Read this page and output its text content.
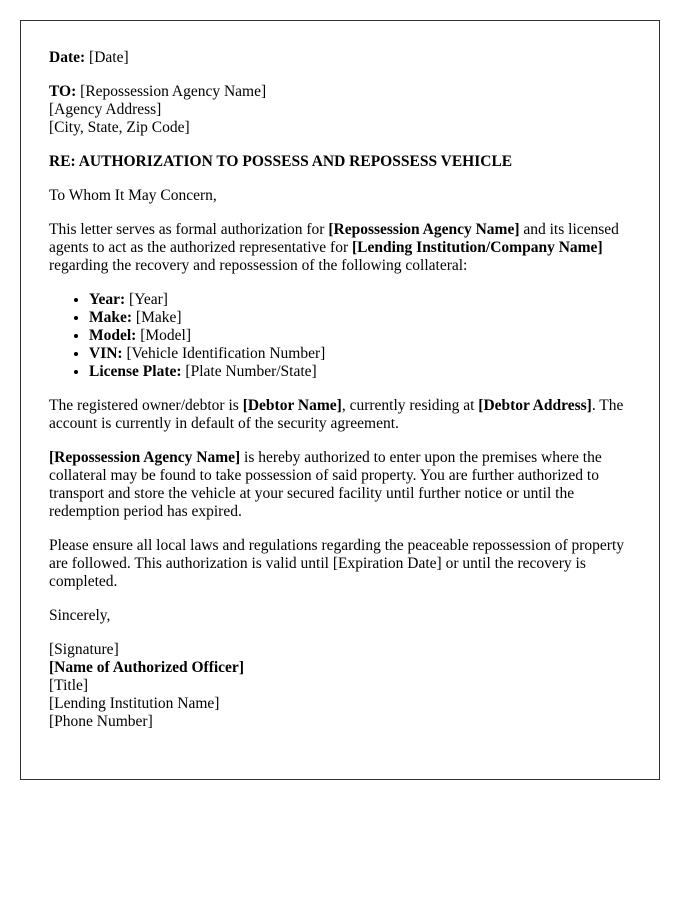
Date: [Date]

TO: [Repossession Agency Name]
[Agency Address]
[City, State, Zip Code]

RE: AUTHORIZATION TO POSSESS AND REPOSSESS VEHICLE

To Whom It May Concern,

This letter serves as formal authorization for [Repossession Agency Name] and its licensed agents to act as the authorized representative for [Lending Institution/Company Name] regarding the recovery and repossession of the following collateral:

• Year: [Year]
• Make: [Make]
• Model: [Model]
• VIN: [Vehicle Identification Number]
• License Plate: [Plate Number/State]

The registered owner/debtor is [Debtor Name], currently residing at [Debtor Address]. The account is currently in default of the security agreement.

[Repossession Agency Name] is hereby authorized to enter upon the premises where the collateral may be found to take possession of said property. You are further authorized to transport and store the vehicle at your secured facility until further notice or until the redemption period has expired.

Please ensure all local laws and regulations regarding the peaceable repossession of property are followed. This authorization is valid until [Expiration Date] or until the recovery is completed.

Sincerely,

[Signature]
[Name of Authorized Officer]
[Title]
[Lending Institution Name]
[Phone Number]
